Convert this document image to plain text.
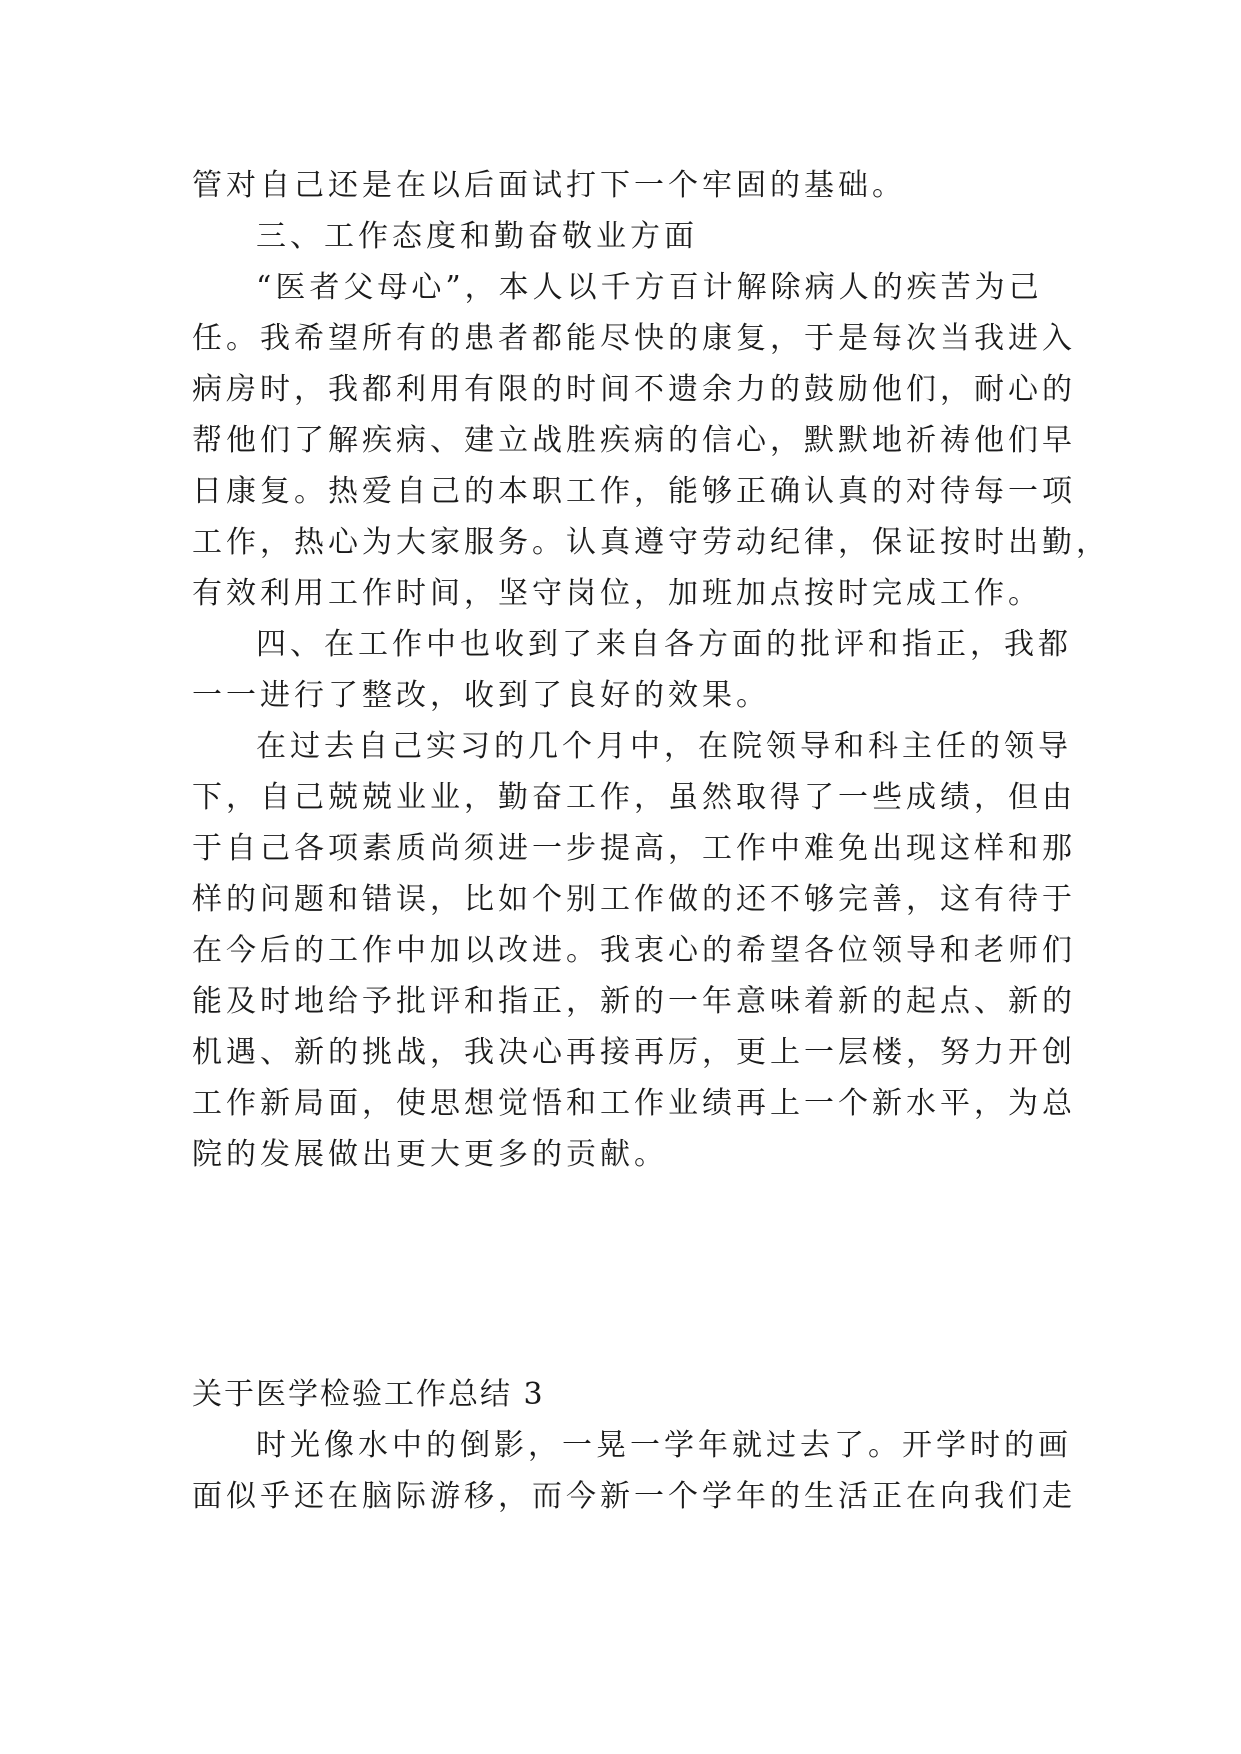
管对自己还是在以后面试打下一个牢固的基础。
三、工作态度和勤奋敬业方面
“医者父母心”，本人以千方百计解除病人的疾苦为己
任。我希望所有的患者都能尽快的康复，于是每次当我进入
病房时，我都利用有限的时间不遗余力的鼓励他们，耐心的
帮他们了解疾病、建立战胜疾病的信心，默默地祈祷他们早
日康复。热爱自己的本职工作，能够正确认真的对待每一项
工作，热心为大家服务。认真遵守劳动纪律，保证按时出勤，
有效利用工作时间，坚守岗位，加班加点按时完成工作。
四、在工作中也收到了来自各方面的批评和指正，我都
一一进行了整改，收到了良好的效果。
在过去自己实习的几个月中，在院领导和科主任的领导
下，自己兢兢业业，勤奋工作，虽然取得了一些成绩，但由
于自己各项素质尚须进一步提高，工作中难免出现这样和那
样的问题和错误，比如个别工作做的还不够完善，这有待于
在今后的工作中加以改进。我衷心的希望各位领导和老师们
能及时地给予批评和指正，新的一年意味着新的起点、新的
机遇、新的挑战，我决心再接再厉，更上一层楼，努力开创
工作新局面，使思想觉悟和工作业绩再上一个新水平，为总
院的发展做出更大更多的贡献。
关于医学检验工作总结 3
时光像水中的倒影，一晃一学年就过去了。开学时的画
面似乎还在脑际游移，而今新一个学年的生活正在向我们走
